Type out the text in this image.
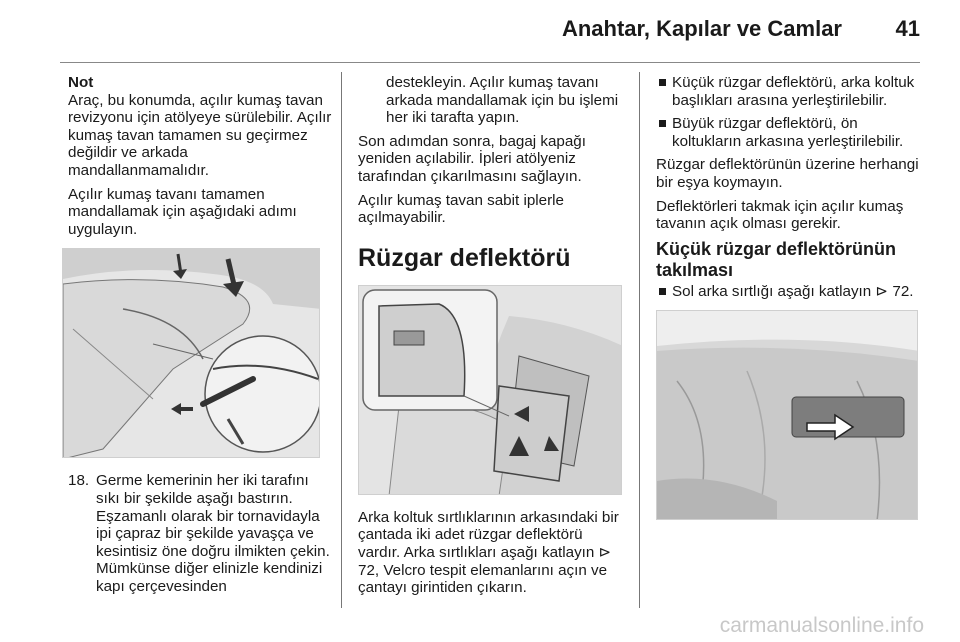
Anahtar, Kapılar ve Camlar 41
Not

Araç, bu konumda, açılır kumaş tavan revizyonu için atölyeye sürülebilir. Açılır kumaş tavan tamamen su geçirmez değildir ve arkada mandallanmamalıdır.

Açılır kumaş tavanı tamamen mandallamak için aşağıdaki adımı uygulayın.

18. Germe kemerinin her iki tarafını sıkı bir şekilde aşağı bastırın. Eşzamanlı olarak bir tornavidayla ipi çapraz bir şekilde yavaşça ve kesintisiz öne doğru ilmikten çekin. Mümkünse diğer elinizle kendinizi kapı çerçevesinden

destekleyin. Açılır kumaş tavanı arkada mandallamak için bu işlemi her iki tarafta yapın.

Son adımdan sonra, bagaj kapağı yeniden açılabilir. İpleri atölyeniz tarafından çıkarılmasını sağlayın.

Açılır kumaş tavan sabit iplerle açılmayabilir.

Rüzgar deflektörü

Arka koltuk sırtlıklarının arkasındaki bir çantada iki adet rüzgar deflektörü vardır. Arka sırtlıkları aşağı katlayın ⊳ 72, Velcro tespit elemanlarını açın ve çantayı girintiden çıkarın.

Küçük rüzgar deflektörü, arka koltuk başlıkları arasına yerleştirilebilir.
Büyük rüzgar deflektörü, ön koltukların arkasına yerleştirilebilir.

Rüzgar deflektörünün üzerine herhangi bir eşya koymayın.

Deflektörleri takmak için açılır kumaş tavanın açık olması gerekir.

Küçük rüzgar deflektörünün takılması
Sol arka sırtlığı aşağı katlayın ⊳ 72.
carmanualsonline.info
